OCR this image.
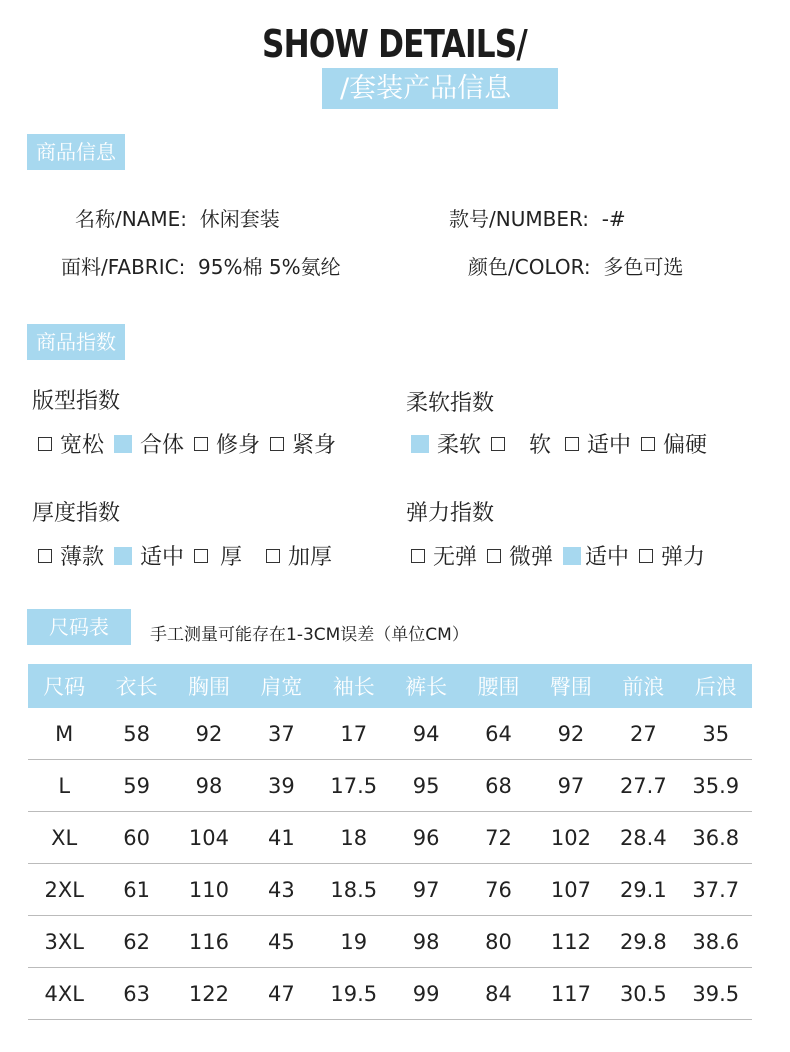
SHOW DETAILS/
/套装产品信息
商品信息
名称/NAME: 休闲套装	款号/NUMBER: -#
面料/FABRIC: 95%棉 5%氨纶	颜色/COLOR: 多色可选
商品指数
版型指数
宽松 合体 修身 紧身
柔软指数
柔软 软 适中 偏硬
厚度指数
薄款 适中 厚 加厚
弹力指数
无弹 微弹 适中 弹力
尺码表	手工测量可能存在1-3CM误差（单位CM）
尺码	衣长	胸围	肩宽	袖长	裤长	腰围	臀围	前浪	后浪
M	58	92	37	17	94	64	92	27	35
L	59	98	39	17.5	95	68	97	27.7	35.9
XL	60	104	41	18	96	72	102	28.4	36.8
2XL	61	110	43	18.5	97	76	107	29.1	37.7
3XL	62	116	45	19	98	80	112	29.8	38.6
4XL	63	122	47	19.5	99	84	117	30.5	39.5
